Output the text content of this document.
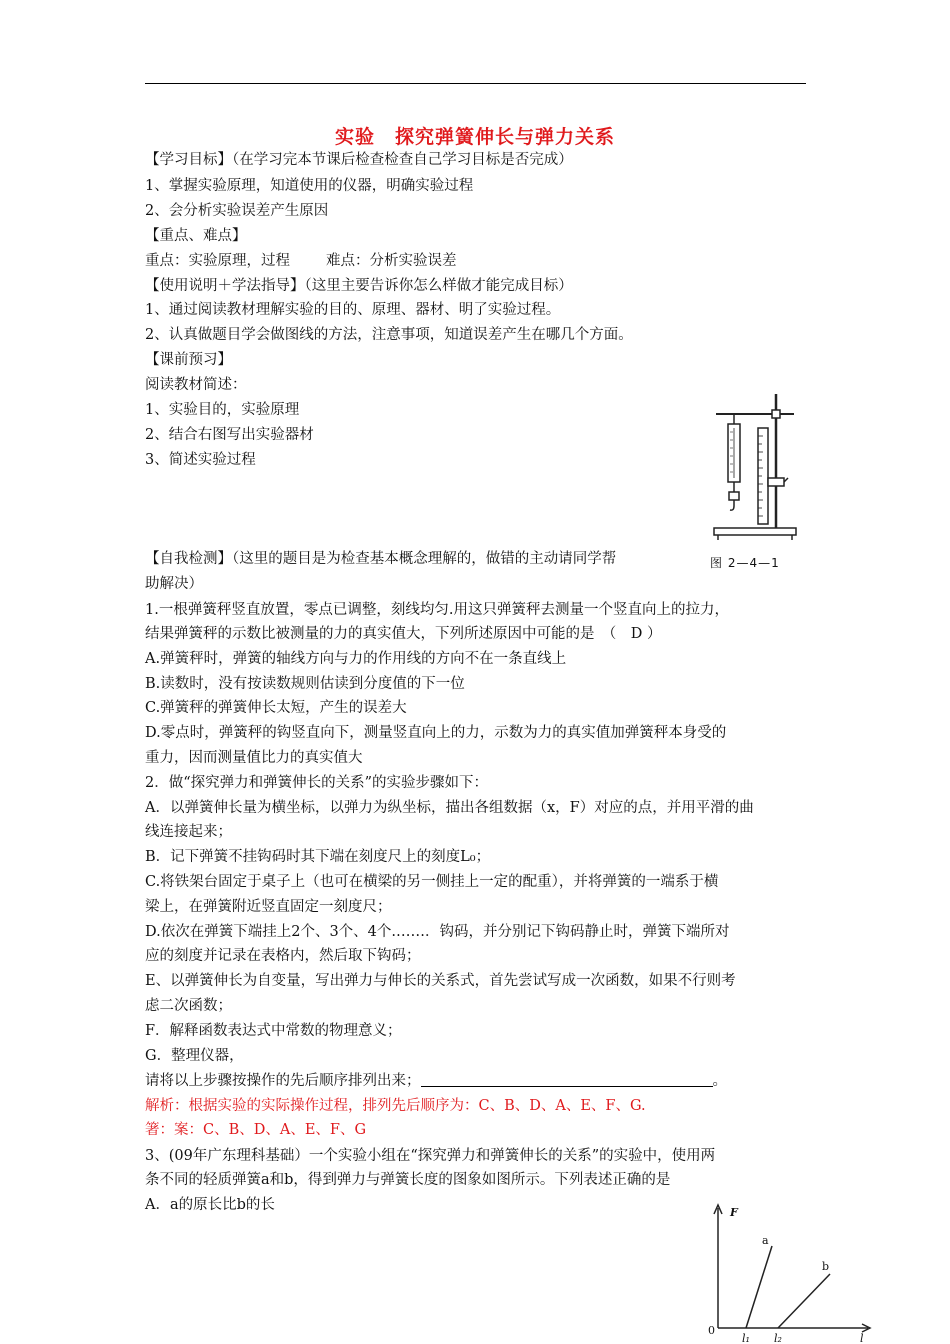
实验　探究弹簧伸长与弹力关系
【学习目标】（在学习完本节课后检查检查自己学习目标是否完成）
1、掌握实验原理，知道使用的仪器，明确实验过程
2、会分析实验误差产生原因
【重点、难点】
重点：实验原理，过程 难点：分析实验误差
【使用说明＋学法指导】（这里主要告诉你怎么样做才能完成目标）
1、通过阅读教材理解实验的目的、原理、器材、明了实验过程。
2、认真做题目学会做图线的方法，注意事项，知道误差产生在哪几个方面。
【课前预习】
阅读教材简述：
1、实验目的，实验原理
2、结合右图写出实验器材
3、简述实验过程
【自我检测】（这里的题目是为检查基本概念理解的，做错的主动请同学帮
助解决）
1.一根弹簧秤竖直放置，零点已调整，刻线均匀.用这只弹簧秤去测量一个竖直向上的拉力，
结果弹簧秤的示数比被测量的力的真实值大，下列所述原因中可能的是　（　D ）
A.弹簧秤时，弹簧的轴线方向与力的作用线的方向不在一条直线上
B.读数时，没有按读数规则估读到分度值的下一位
C.弹簧秤的弹簧伸长太短，产生的误差大
D.零点时，弹簧秤的钩竖直向下，测量竖直向上的力，示数为力的真实值加弹簧秤本身受的
重力，因而测量值比力的真实值大
2．做“探究弹力和弹簧伸长的关系”的实验步骤如下：
A．以弹簧伸长量为横坐标，以弹力为纵坐标，描出各组数据（x，F）对应的点，并用平滑的曲
线连接起来；
B．记下弹簧不挂钩码时其下端在刻度尺上的刻度L₀；
C.将铁架台固定于桌子上（也可在横梁的另一侧挂上一定的配重），并将弹簧的一端系于横
梁上，在弹簧附近竖直固定一刻度尺；
D.依次在弹簧下端挂上2个、3个、4个.……．钩码，并分别记下钩码静止时，弹簧下端所对
应的刻度并记录在表格内，然后取下钩码；
E、以弹簧伸长为自变量，写出弹力与伸长的关系式，首先尝试写成一次函数，如果不行则考
虑二次函数；
F．解释函数表达式中常数的物理意义；
G．整理仪器，
请将以上步骤按操作的先后顺序排列出来；	。
解析：根据实验的实际操作过程，排列先后顺序为：C、B、D、A、E、F、G.
箸：案：C、B、D、A、E、F、G
3、(09年广东理科基础）一个实验小组在“探究弹力和弹簧伸长的关系”的实验中，使用两
条不同的轻质弹簧a和b，得到弹力与弹簧长度的图象如图所示。下列表述正确的是
A．a的原长比b的长
图 2—4—1
F
l
0
a
b
l₁ l₂
